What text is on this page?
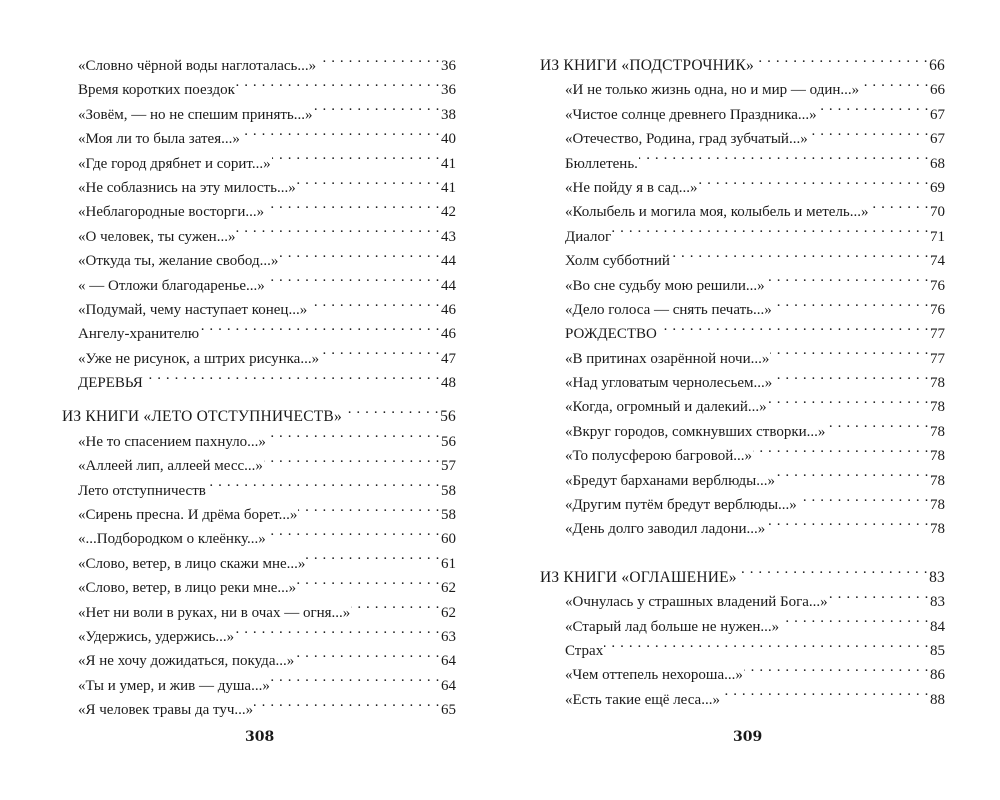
«Словно чёрной воды наглоталась...» . . .	36
Время коротких поездок . . .	36
«Зовём, — но не спешим принять...» . . .	38
«Моя ли то была затея...» . . .	40
«Где город дрябнет и сорит...» . . .	41
«Не соблазнись на эту милость...» . . .	41
«Неблагородные восторги...» . . .	42
«О человек, ты сужен...» . . .	43
«Откуда ты, желание свобод...» . . .	44
« — Отложи благодаренье...» . . .	44
«Подумай, чему наступает конец...» . . .	46
Ангелу-хранителю . . .	46
«Уже не рисунок, а штрих рисунка...» . . .	47
ДЕРЕВЬЯ . . .	48
ИЗ КНИГИ «ЛЕТО ОТСТУПНИЧЕСТВ» . . .	56
«Не то спасением пахнуло...» . . .	56
«Аллеей лип, аллеей месс...» . . .	57
Лето отступничеств . . .	58
«Сирень пресна. И дрёма борет...» . . .	58
«...Подбородком о клеёнку...» . . .	60
«Слово, ветер, в лицо скажи мне...» . . .	61
«Слово, ветер, в лицо реки мне...» . . .	62
«Нет ни воли в руках, ни в очах — огня...» . . .	62
«Удержись, удержись...» . . .	63
«Я не хочу дожидаться, покуда...» . . .	64
«Ты и умер, и жив — душа...» . . .	64
«Я человек травы да туч...» . . .	65
308
ИЗ КНИГИ «ПОДСТРОЧНИК» . . .	66
«И не только жизнь одна, но и мир — один...» . . .	66
«Чистое солнце древнего Праздника...» . . .	67
«Отечество, Родина, град зубчатый...» . . .	67
Бюллетень. . . .	68
«Не пойду я в сад...» . . .	69
«Колыбель и могила моя, колыбель и метель...» . . .	70
Диалог . . .	71
Холм субботний . . .	74
«Во сне судьбу мою решили...» . . .	76
«Дело голоса — снять печать...» . . .	76
РОЖДЕСТВО . . .	77
«В притинах озарённой ночи...» . . .	77
«Над угловатым чернолесьем...» . . .	78
«Когда, огромный и далекий...» . . .	78
«Вкруг городов, сомкнувших створки...» . . .	78
«То полусферою багровой...» . . .	78
«Бредут барханами верблюды...» . . .	78
«Другим путём бредут верблюды...» . . .	78
«День долго заводил ладони...» . . .	78
ИЗ КНИГИ «ОГЛАШЕНИЕ» . . .	83
«Очнулась у страшных владений Бога...» . . .	83
«Старый лад больше не нужен...» . . .	84
Страх . . .	85
«Чем оттепель нехороша...» . . .	86
«Есть такие ещё леса...» . . .	88
309
